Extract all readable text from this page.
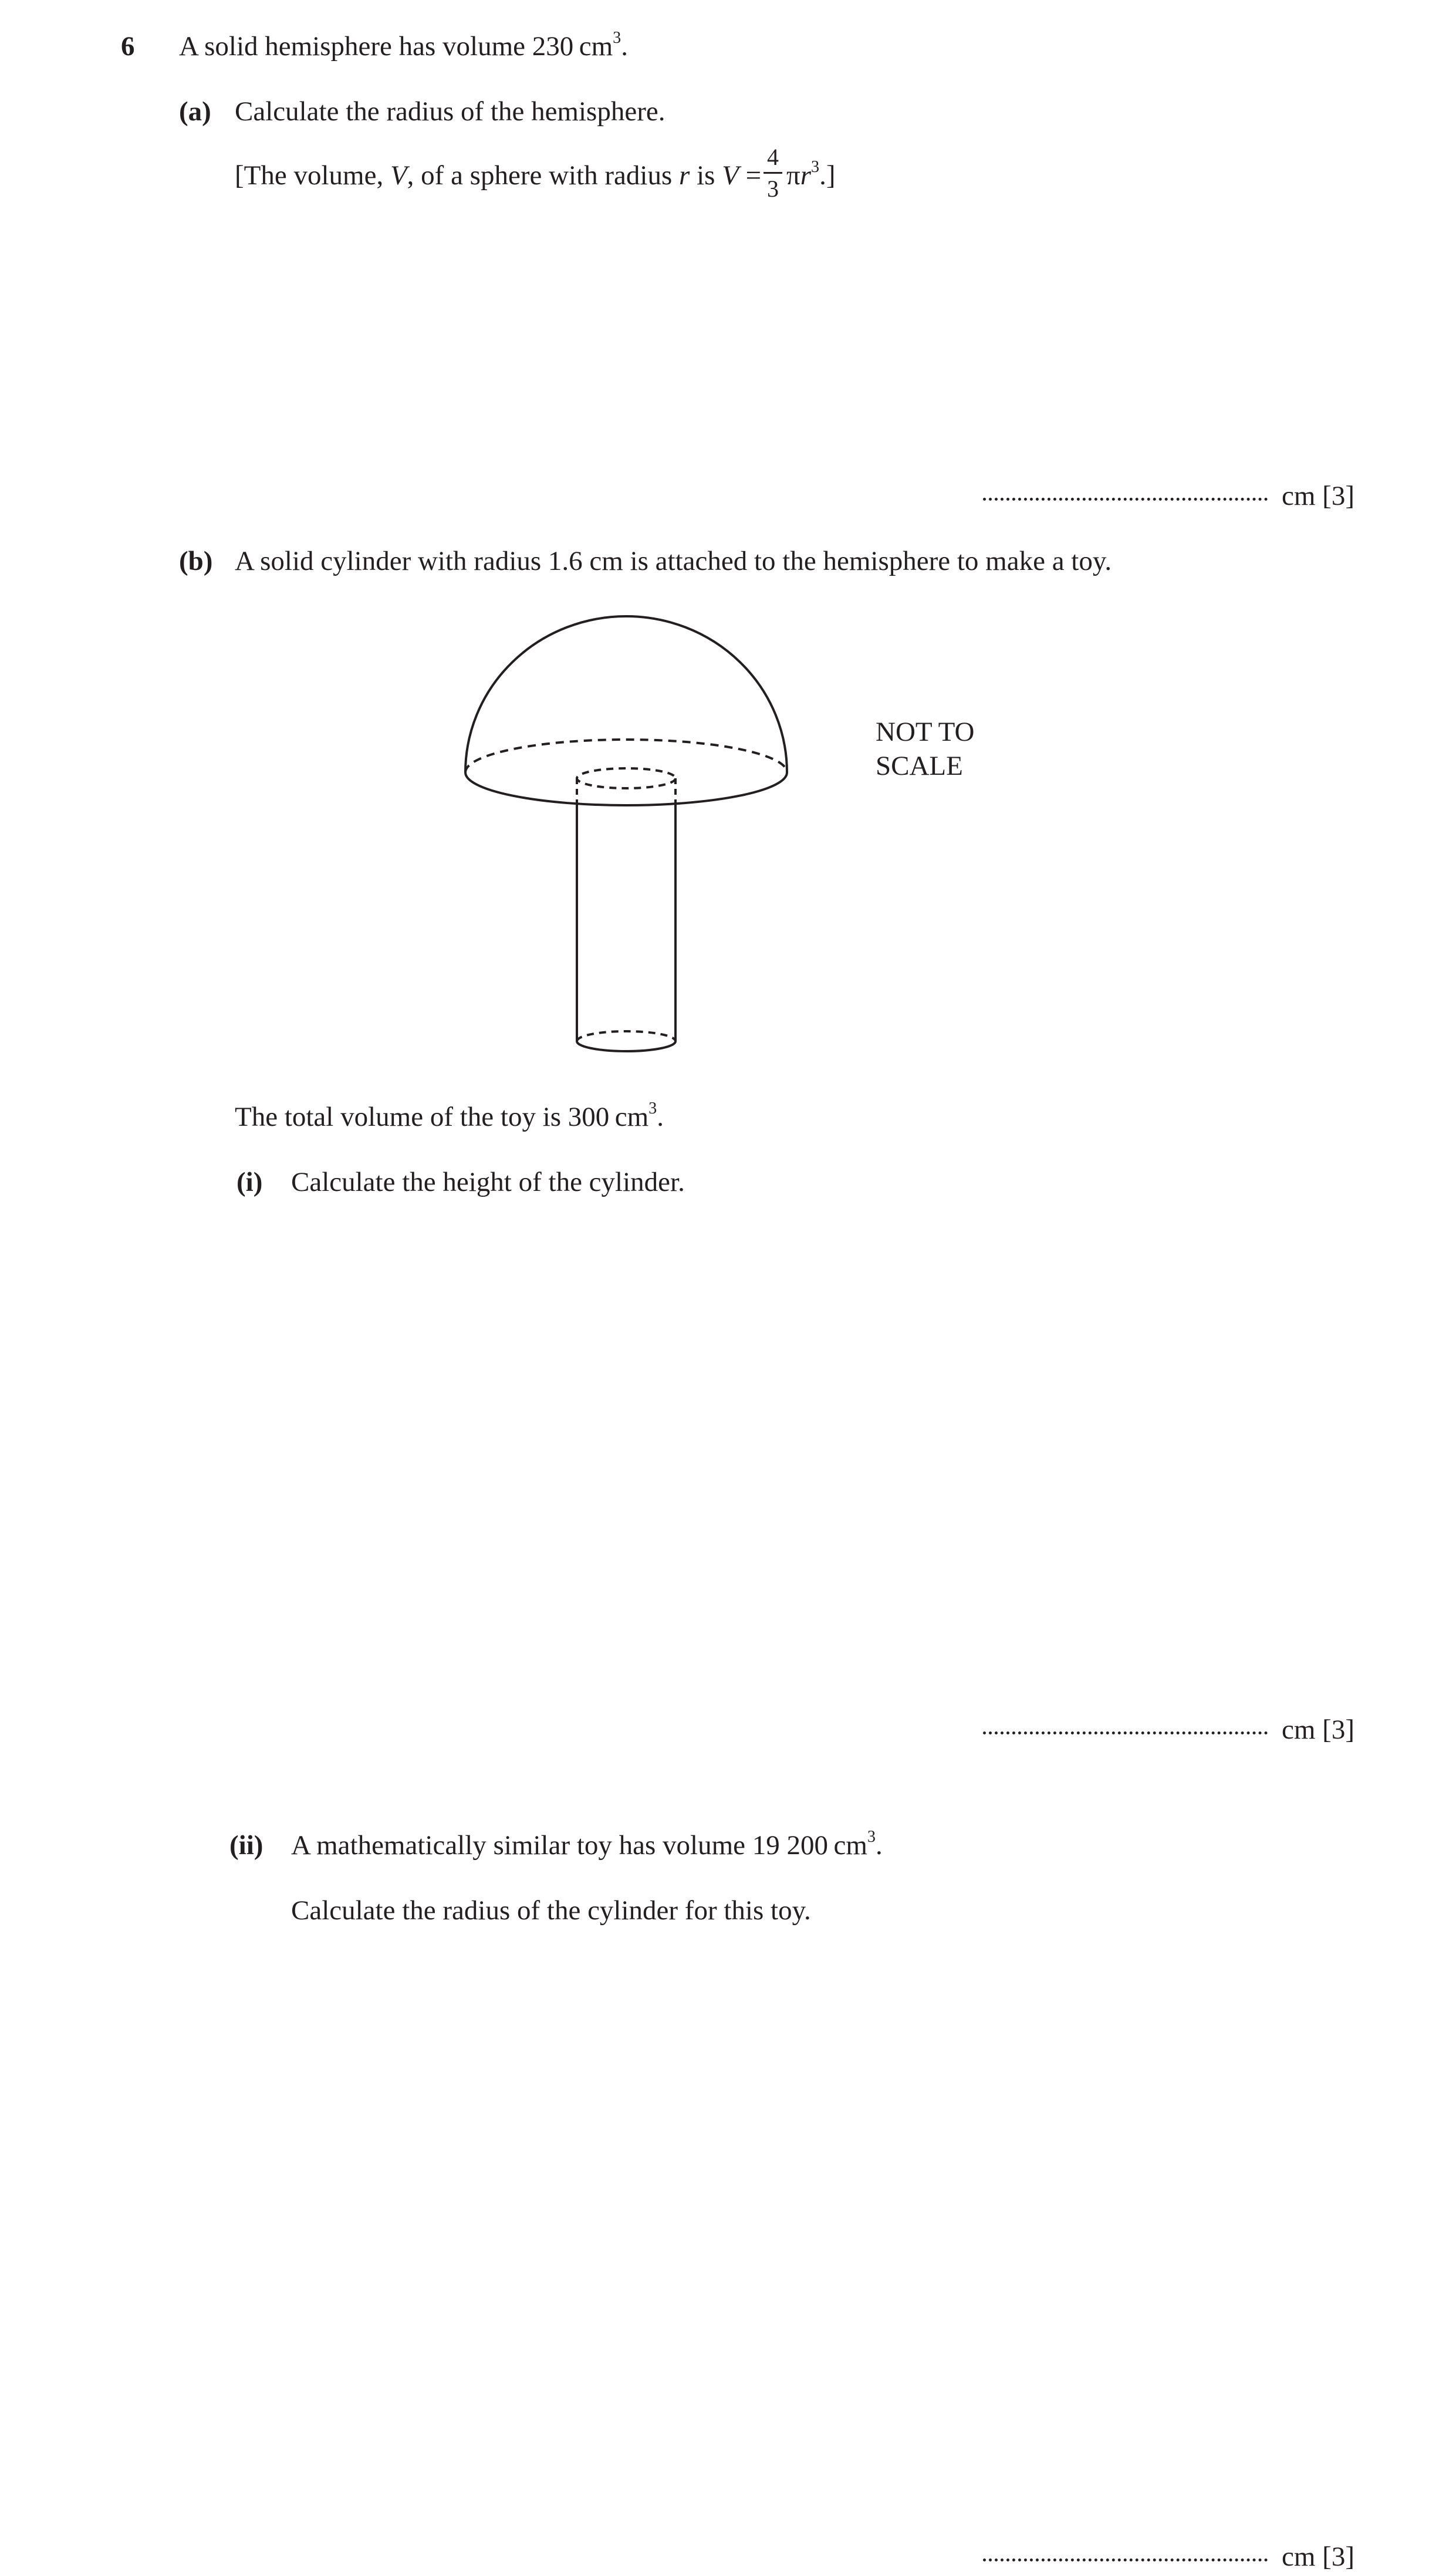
6 A solid hemisphere has volume 230  $cm^3$.
(a) Calculate the radius of the hemisphere.
[The volume, V, of a sphere with radius r is V =
4
3 $\pi r^3$.]
cm [3]
(b) A solid cylinder with radius 1.6 cm is attached to the hemisphere to make a toy.
NOT TO
SCALE
The total volume of the toy is 300  $cm^3$.
(i) Calculate the height of the cylinder.
cm [3]
(ii) A mathematically similar toy has volume 19 200  $cm^3$.
Calculate the radius of the cylinder for this toy.
cm [3]
